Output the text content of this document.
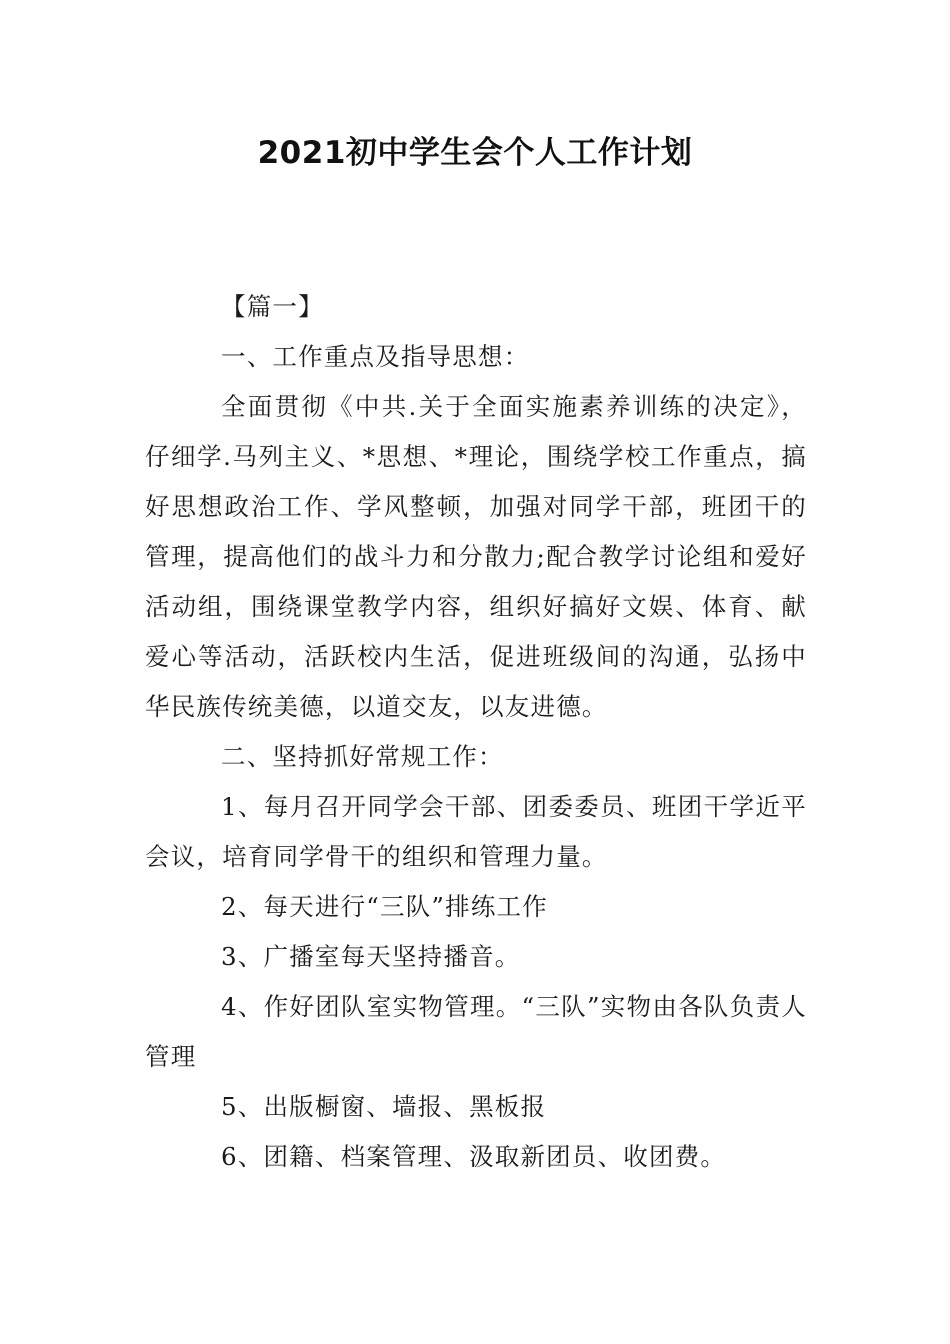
2021初中学生会个人工作计划

【篇一】

一、工作重点及指导思想：

全面贯彻《中共.关于全面实施素养训练的决定》，仔细学.马列主义、*思想、*理论，围绕学校工作重点，搞好思想政治工作、学风整顿，加强对同学干部，班团干的管理，提高他们的战斗力和分散力;配合教学讨论组和爱好活动组，围绕课堂教学内容，组织好搞好文娱、体育、献爱心等活动，活跃校内生活，促进班级间的沟通，弘扬中华民族传统美德，以道交友，以友进德。

二、坚持抓好常规工作：

1、每月召开同学会干部、团委委员、班团干学近平会议，培育同学骨干的组织和管理力量。

2、每天进行“三队”排练工作

3、广播室每天坚持播音。

4、作好团队室实物管理。“三队”实物由各队负责人管理

5、出版橱窗、墙报、黑板报

6、团籍、档案管理、汲取新团员、收团费。
